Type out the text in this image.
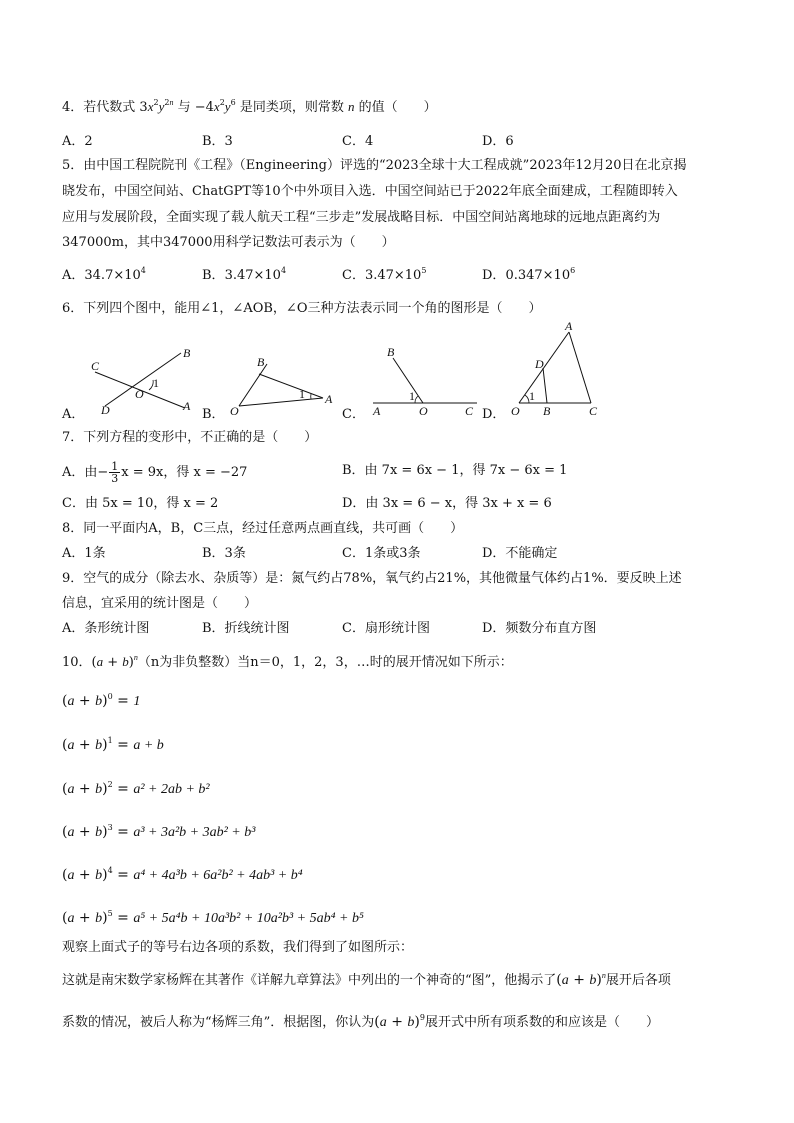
4．若代数式 $3x^2y^{2n}$ 与 $-4x^2y^6$ 是同类项，则常数 n 的值（　　）
A．2	B．3	C．4	D．6
5．由中国工程院院刊《工程》（Engineering）评选的“2023全球十大工程成就”2023年12月20日在北京揭
晓发布，中国空间站、ChatGPT等10个中外项目入选．中国空间站已于2022年底全面建成，工程随即转入
应用与发展阶段，全面实现了载人航天工程“三步走”发展战略目标．中国空间站离地球的远地点距离约为
347000m，其中347000用科学记数法可表示为（　　）
A．$34.7\times 10^4$	B．$3.47\times 10^4$	C．$3.47\times 10^5$	D．$0.347\times 10^6$
6．下列四个图中，能用∠1，∠AOB，∠O三种方法表示同一个角的图形是（　　）
A．
C
B
1
O
D	A
B．
B
1 A
O	C．
B
1
A	O	C D．
A
D
1
O B	C
7．下列方程的变形中，不正确的是（　　）
A．由− $\frac{1}{3}$ x = 9x，得 x = −27	B．由 7x = 6x − 1，得 7x − 6x = 1
C．由 5x = 10，得 x = 2	D．由 3x = 6 − x，得 3x + x = 6
8．同一平面内A，B，C三点，经过任意两点画直线，共可画（　　）
A．1条	B．3条	C．1条或3条	D．不能确定
9．空气的成分（除去水、杂质等）是：氮气约占78%，氧气约占21%，其他微量气体约占1%．要反映上述
信息，宜采用的统计图是（　　）
A．条形统计图	B．折线统计图	C．扇形统计图	D．频数分布直方图
10．$(a + b)^n(n$为非负整数）当n＝0，1，2，3，…时的展开情况如下所示：
$(a + b)^0 = 1$
$(a + b)^1 = a + b$
$(a + b)^2 = a^2 + 2ab + b^2$
$(a + b)^3 = a^3 + 3a^2b + 3ab^2 + b^3$
$(a + b)^4 = a^4 + 4a^3b + 6a^2b^2 + 4ab^3 + b^4$
$(a + b)^5 = a^5 + 5a^4b + 10a^3b^2 + 10a^2b^3 + 5ab^4 + b^5$
观察上面式子的等号右边各项的系数，我们得到了如图所示：
这就是南宋数学家杨辉在其著作《详解九章算法》中列出的一个神奇的“图”，他揭示了$(a + b)^n$展开后各项
系数的情况，被后人称为“杨辉三角”．根据图，你认为$(a + b)^9$展开式中所有项系数的和应该是（　　）
